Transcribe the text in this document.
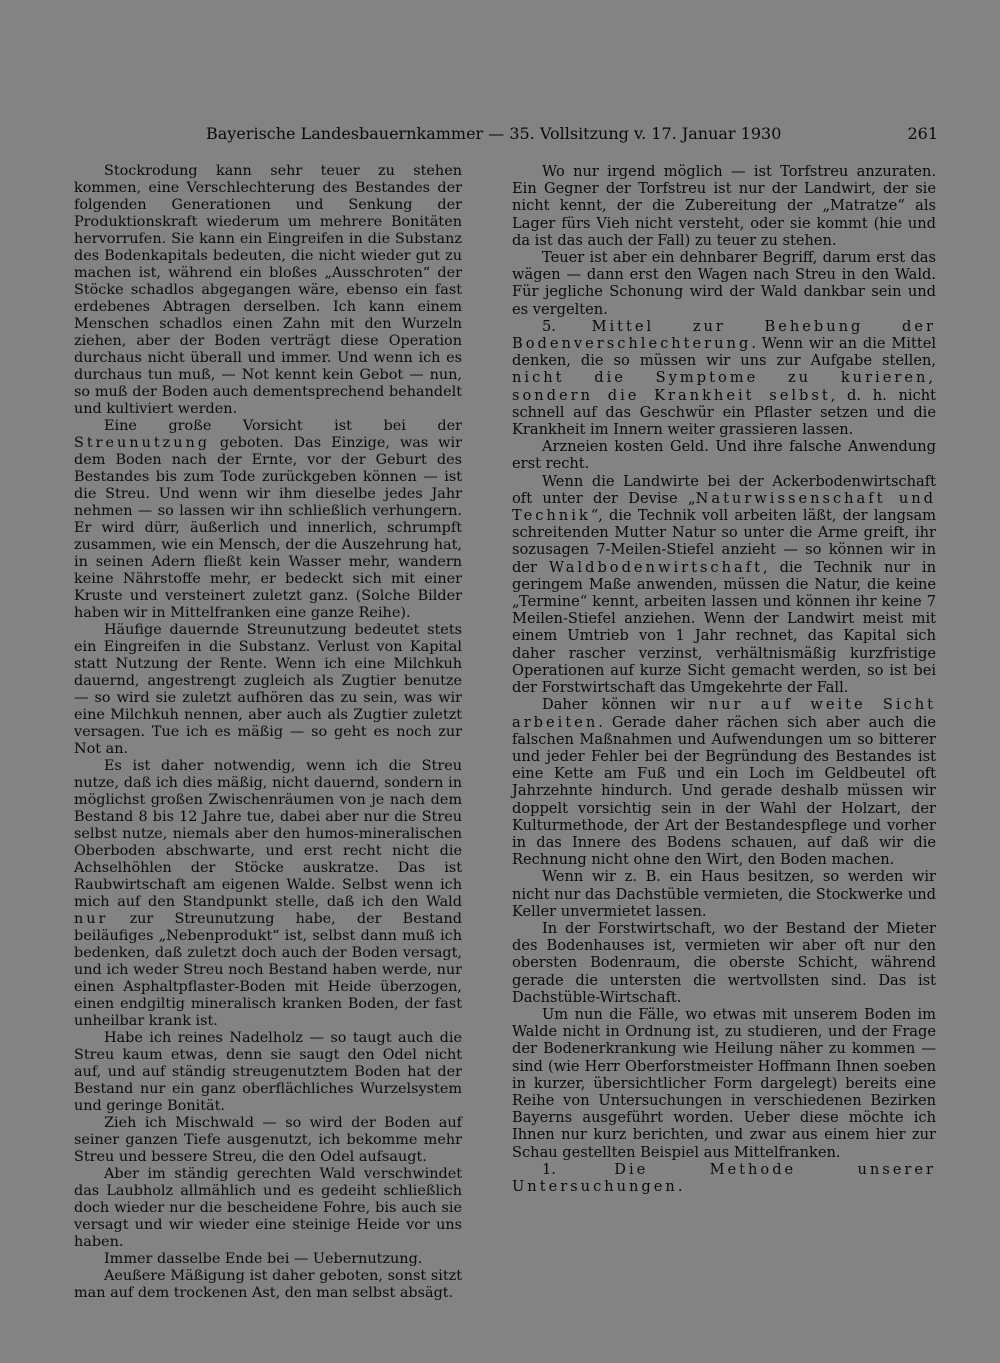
Bayerische Landesbauernkammer — 35. Vollsitzung v. 17. Januar 1930	261

Stockrodung kann sehr teuer zu stehen kommen, eine Verschlechterung des Bestandes der folgenden Generationen und Senkung der Produktionskraft wiederum um mehrere Bonitäten hervorrufen. Sie kann ein Eingreifen in die Substanz des Bodenkapitals bedeuten, die nicht wieder gut zu machen ist, während ein bloßes „Ausschroten“ der Stöcke schadlos abgegangen wäre, ebenso ein fast erdebenes Abtragen derselben. Ich kann einem Menschen schadlos einen Zahn mit den Wurzeln ziehen, aber der Boden verträgt diese Operation durchaus nicht überall und immer. Und wenn ich es durchaus tun muß, — Not kennt kein Gebot — nun, so muß der Boden auch dementsprechend behandelt und kultiviert werden.

Eine große Vorsicht ist bei der Streunutzung geboten. Das Einzige, was wir dem Boden nach der Ernte, vor der Geburt des Bestandes bis zum Tode zurückgeben können — ist die Streu. Und wenn wir ihm dieselbe jedes Jahr nehmen — so lassen wir ihn schließlich verhungern. Er wird dürr, äußerlich und innerlich, schrumpft zusammen, wie ein Mensch, der die Auszehrung hat, in seinen Adern fließt kein Wasser mehr, wandern keine Nährstoffe mehr, er bedeckt sich mit einer Kruste und versteinert zuletzt ganz. (Solche Bilder haben wir in Mittelfranken eine ganze Reihe).

Häufige dauernde Streunutzung bedeutet stets ein Eingreifen in die Substanz. Verlust von Kapital statt Nutzung der Rente. Wenn ich eine Milchkuh dauernd, angestrengt zugleich als Zugtier benutze — so wird sie zuletzt aufhören das zu sein, was wir eine Milchkuh nennen, aber auch als Zugtier zuletzt versagen. Tue ich es mäßig — so geht es noch zur Not an.

Es ist daher notwendig, wenn ich die Streu nutze, daß ich dies mäßig, nicht dauernd, sondern in möglichst großen Zwischenräumen von je nach dem Bestand 8 bis 12 Jahre tue, dabei aber nur die Streu selbst nutze, niemals aber den humos-mineralischen Oberboden abschwarte, und erst recht nicht die Achselhöhlen der Stöcke auskratze. Das ist Raubwirtschaft am eigenen Walde. Selbst wenn ich mich auf den Standpunkt stelle, daß ich den Wald nur zur Streunutzung habe, der Bestand beiläufiges „Nebenprodukt“ ist, selbst dann muß ich bedenken, daß zuletzt doch auch der Boden versagt, und ich weder Streu noch Bestand haben werde, nur einen Asphaltpflaster-Boden mit Heide überzogen, einen endgiltig mineralisch kranken Boden, der fast unheilbar krank ist.

Habe ich reines Nadelholz — so taugt auch die Streu kaum etwas, denn sie saugt den Odel nicht auf, und auf ständig streugenutztem Boden hat der Bestand nur ein ganz oberflächliches Wurzelsystem und geringe Bonität.

Zieh ich Mischwald — so wird der Boden auf seiner ganzen Tiefe ausgenutzt, ich bekomme mehr Streu und bessere Streu, die den Odel aufsaugt.

Aber im ständig gerechten Wald verschwindet das Laubholz allmählich und es gedeiht schließlich doch wieder nur die bescheidene Fohre, bis auch sie versagt und wir wieder eine steinige Heide vor uns haben.

Immer dasselbe Ende bei — Uebernutzung.

Aeußere Mäßigung ist daher geboten, sonst sitzt man auf dem trockenen Ast, den man selbst absägt.

Wo nur irgend möglich — ist Torfstreu anzuraten. Ein Gegner der Torfstreu ist nur der Landwirt, der sie nicht kennt, der die Zubereitung der „Matratze“ als Lager fürs Vieh nicht versteht, oder sie kommt (hie und da ist das auch der Fall) zu teuer zu stehen.

Teuer ist aber ein dehnbarer Begriff, darum erst das wägen — dann erst den Wagen nach Streu in den Wald. Für jegliche Schonung wird der Wald dankbar sein und es vergelten.

5. Mittel zur Behebung der Bodenverschlechterung. Wenn wir an die Mittel denken, die so müssen wir uns zur Aufgabe stellen, nicht die Symptome zu kurieren, sondern die Krankheit selbst, d. h. nicht schnell auf das Geschwür ein Pflaster setzen und die Krankheit im Innern weiter grassieren lassen.

Arzneien kosten Geld. Und ihre falsche Anwendung erst recht.

Wenn die Landwirte bei der Ackerbodenwirtschaft oft unter der Devise „Naturwissenschaft und Technik“, die Technik voll arbeiten läßt, der langsam schreitenden Mutter Natur so unter die Arme greift, ihr sozusagen 7-Meilen-Stiefel anzieht — so können wir in der Waldbodenwirtschaft, die Technik nur in geringem Maße anwenden, müssen die Natur, die keine „Termine“ kennt, arbeiten lassen und können ihr keine 7 Meilen-Stiefel anziehen. Wenn der Landwirt meist mit einem Umtrieb von 1 Jahr rechnet, das Kapital sich daher rascher verzinst, verhältnismäßig kurzfristige Operationen auf kurze Sicht gemacht werden, so ist bei der Forstwirtschaft das Umgekehrte der Fall.

Daher können wir nur auf weite Sicht arbeiten. Gerade daher rächen sich aber auch die falschen Maßnahmen und Aufwendungen um so bitterer und jeder Fehler bei der Begründung des Bestandes ist eine Kette am Fuß und ein Loch im Geldbeutel oft Jahrzehnte hindurch. Und gerade deshalb müssen wir doppelt vorsichtig sein in der Wahl der Holzart, der Kulturmethode, der Art der Bestandespflege und vorher in das Innere des Bodens schauen, auf daß wir die Rechnung nicht ohne den Wirt, den Boden machen.

Wenn wir z. B. ein Haus besitzen, so werden wir nicht nur das Dachstüble vermieten, die Stockwerke und Keller unvermietet lassen.

In der Forstwirtschaft, wo der Bestand der Mieter des Bodenhauses ist, vermieten wir aber oft nur den obersten Bodenraum, die oberste Schicht, während gerade die untersten die wertvollsten sind. Das ist Dachstüble-Wirtschaft.

Um nun die Fälle, wo etwas mit unserem Boden im Walde nicht in Ordnung ist, zu studieren, und der Frage der Bodenerkrankung wie Heilung näher zu kommen — sind (wie Herr Oberforstmeister Hoffmann Ihnen soeben in kurzer, übersichtlicher Form dargelegt) bereits eine Reihe von Untersuchungen in verschiedenen Bezirken Bayerns ausgeführt worden. Ueber diese möchte ich Ihnen nur kurz berichten, und zwar aus einem hier zur Schau gestellten Beispiel aus Mittelfranken.

1. Die Methode unserer Untersuchungen.
